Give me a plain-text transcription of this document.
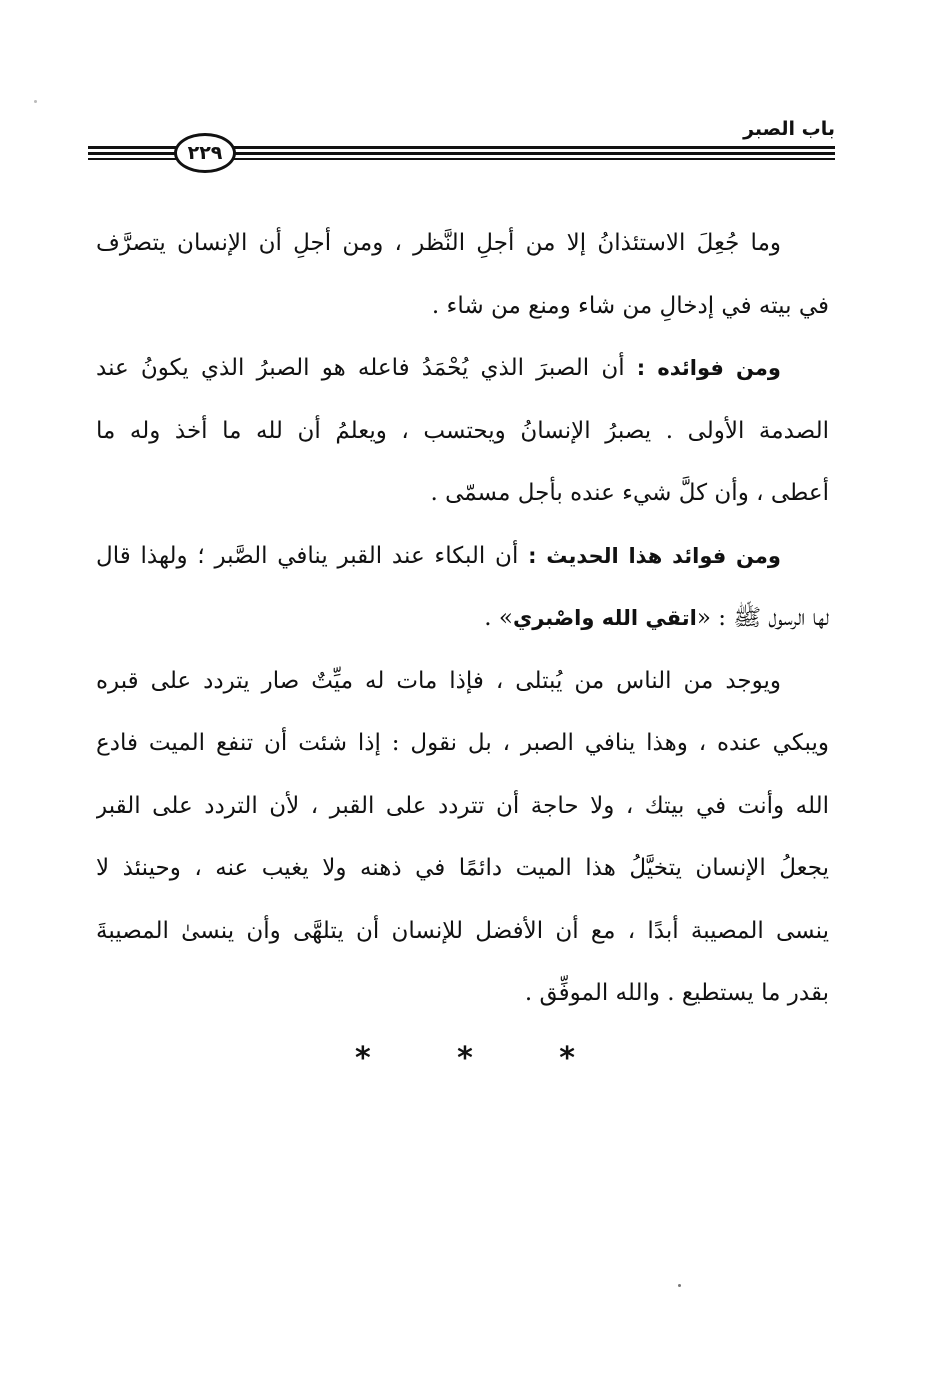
باب الصبر
٢٢٩
وما جُعِلَ الاستئذانُ إلا من أجلِ النَّظر ، ومن أجلِ أن الإنسان يتصرَّف
في بيته في إدخالِ من شاء ومنع من شاء .
ومن فوائده : أن الصبرَ الذي يُحْمَدُ فاعله هو الصبرُ الذي يكونُ عند
الصدمة الأولى . يصبرُ الإنسانُ ويحتسب ، ويعلمُ أن لله ما أخذ وله ما
أعطى ، وأن كلَّ شيء عنده بأجل مسمّى .
ومن فوائد هذا الحديث : أن البكاء عند القبر ينافي الصَّبر ؛ ولهذا قال
لها الرسول ﷺ : «اتقي الله واصْبري» .
ويوجد من الناس من يُبتلى ، فإذا مات له ميِّتٌ صار يتردد على قبره
ويبكي عنده ، وهذا ينافي الصبر ، بل نقول : إذا شئت أن تنفع الميت فادع
الله وأنت في بيتك ، ولا حاجة أن تتردد على القبر ، لأن التردد على القبر
يجعلُ الإنسان يتخيَّلُ هذا الميت دائمًا في ذهنه ولا يغيب عنه ، وحينئذ لا
ينسى المصيبة أبدًا ، مع أن الأفضل للإنسان أن يتلهَّى وأن ينسىٰ المصيبةَ
بقدر ما يستطيع . والله الموفِّق .
*	*	*
